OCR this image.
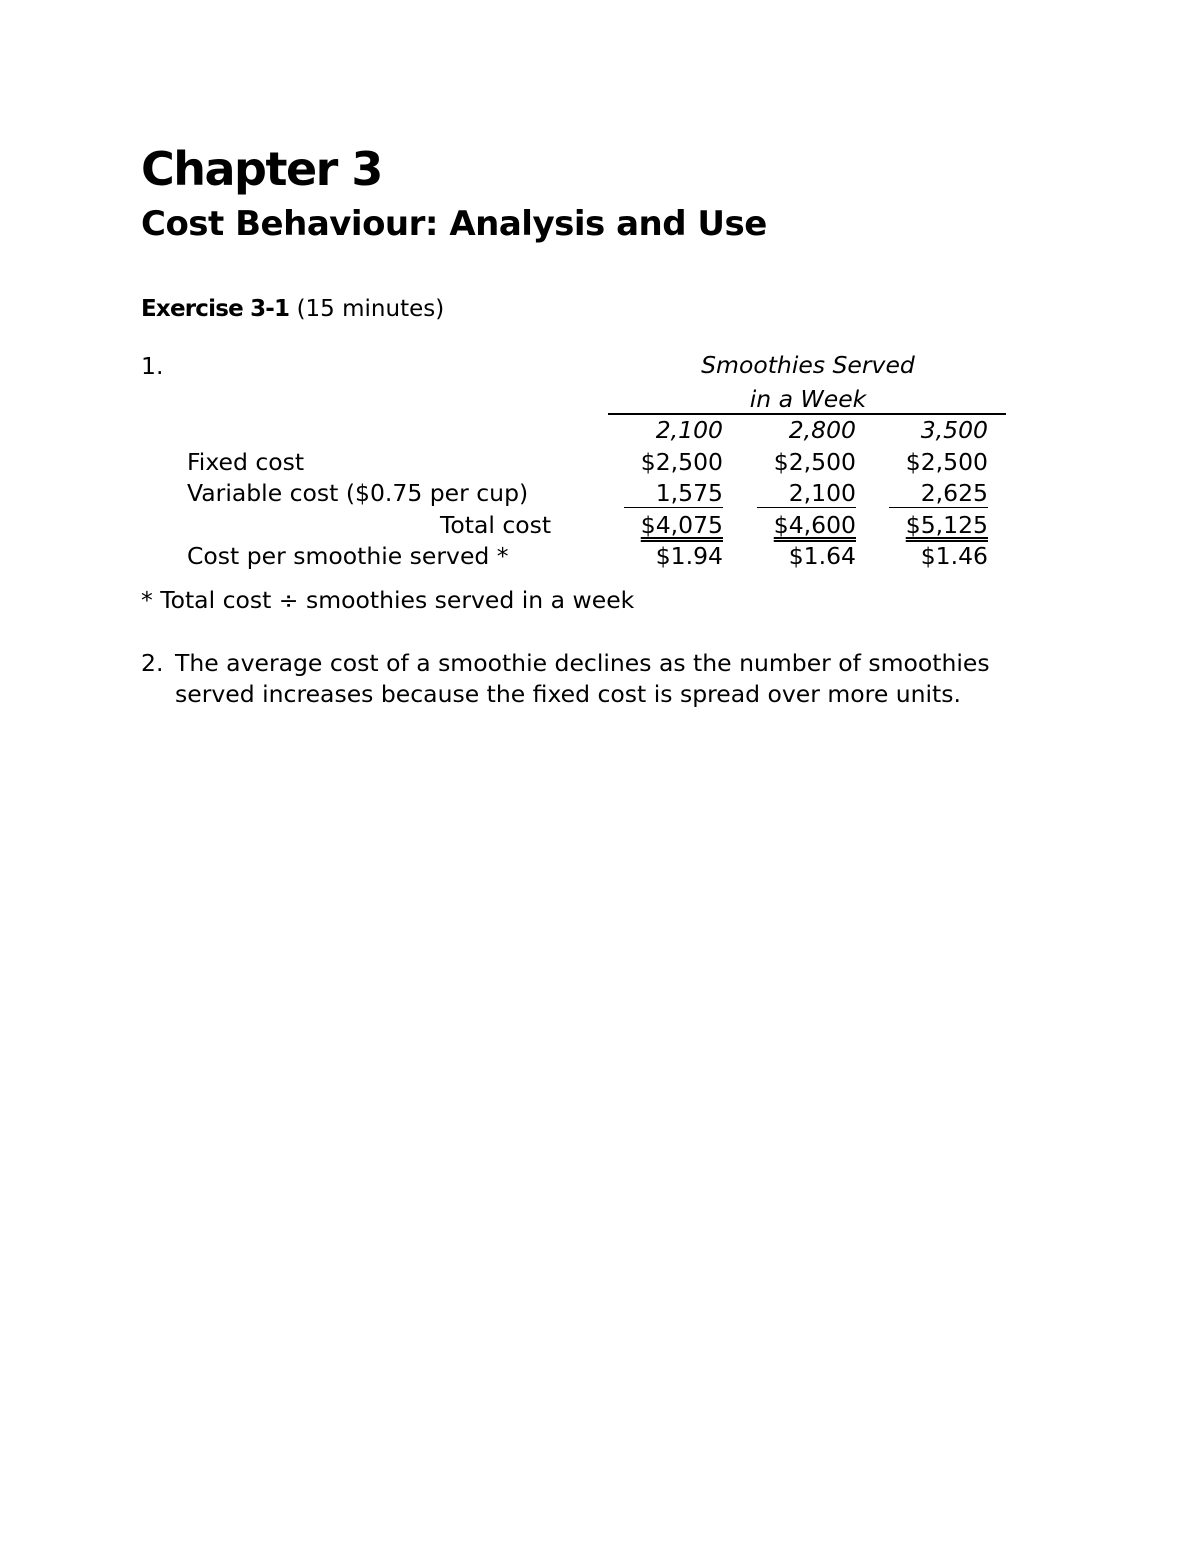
Chapter 3
Cost Behaviour: Analysis and Use
Exercise 3-1 (15 minutes)
1.	Smoothies Served
in a Week
2,100	2,800	3,500
Fixed cost	$2,500	$2,500	$2,500
Variable cost ($0.75 per cup)	1,575	2,100	2,625
Total cost	$4,075	$4,600	$5,125
Cost per smoothie served *	$1.94	$1.64	$1.46
* Total cost ÷ smoothies served in a week
2. The average cost of a smoothie declines as the number of smoothies
served increases because the fixed cost is spread over more units.
